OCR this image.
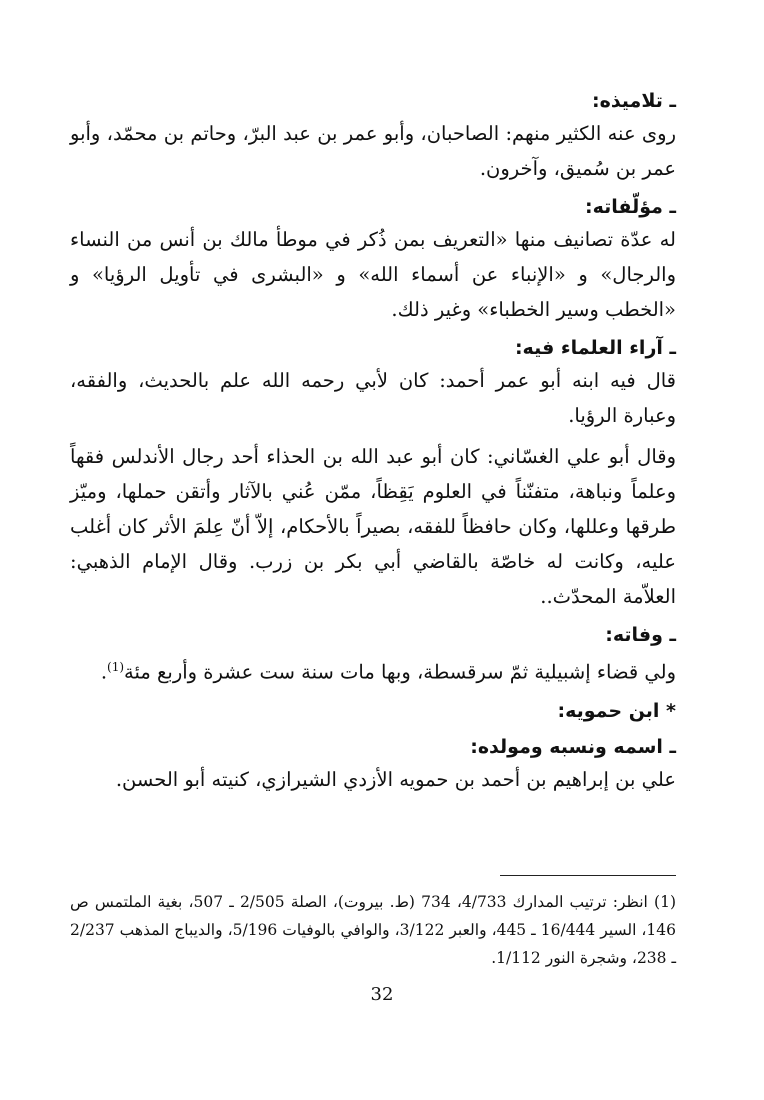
ـ تلاميذه:

روى عنه الكثير منهم: الصاحبان، وأبو عمر بن عبد البرّ، وحاتم بن محمّد، وأبو عمر بن سُميق، وآخرون.

ـ مؤلّفاته:

له عدّة تصانيف منها «التعريف بمن ذُكر في موطأ مالك بن أنس من النساء والرجال» و «الإنباء عن أسماء الله» و «البشرى في تأويل الرؤيا» و «الخطب وسير الخطباء» وغير ذلك.

ـ آراء العلماء فيه:

قال فيه ابنه أبو عمر أحمد: كان لأبي رحمه الله علم بالحديث، والفقه، وعبارة الرؤيا.

وقال أبو علي الغسّاني: كان أبو عبد الله بن الحذاء أحد رجال الأندلس فقهاً وعلماً ونباهة، متفنّناً في العلوم يَقِظاً، ممّن عُني بالآثار وأتقن حملها، وميّز طرقها وعللها، وكان حافظاً للفقه، بصيراً بالأحكام، إلاّ أنّ عِلمَ الأثر كان أغلب عليه، وكانت له خاصّة بالقاضي أبي بكر بن زرب. وقال الإمام الذهبي: العلاّمة المحدّث..

ـ وفاته:

ولي قضاء إشبيلية ثمّ سرقسطة، وبها مات سنة ست عشرة وأربع مئة$^{(1)}$.

* ابن حمويه:
ـ اسمه ونسبه ومولده:

علي بن إبراهيم بن أحمد بن حمويه الأزدي الشيرازي، كنيته أبو الحسن.

(1) انظر: ترتيب المدارك 4/733، 734 (ط. بيروت)، الصلة 2/505 ـ 507، بغية الملتمس ص 146، السير 16/444 ـ 445، والعبر 3/122، والوافي بالوفيات 5/196، والديباج المذهب 2/237 ـ 238، وشجرة النور 1/112.

32
